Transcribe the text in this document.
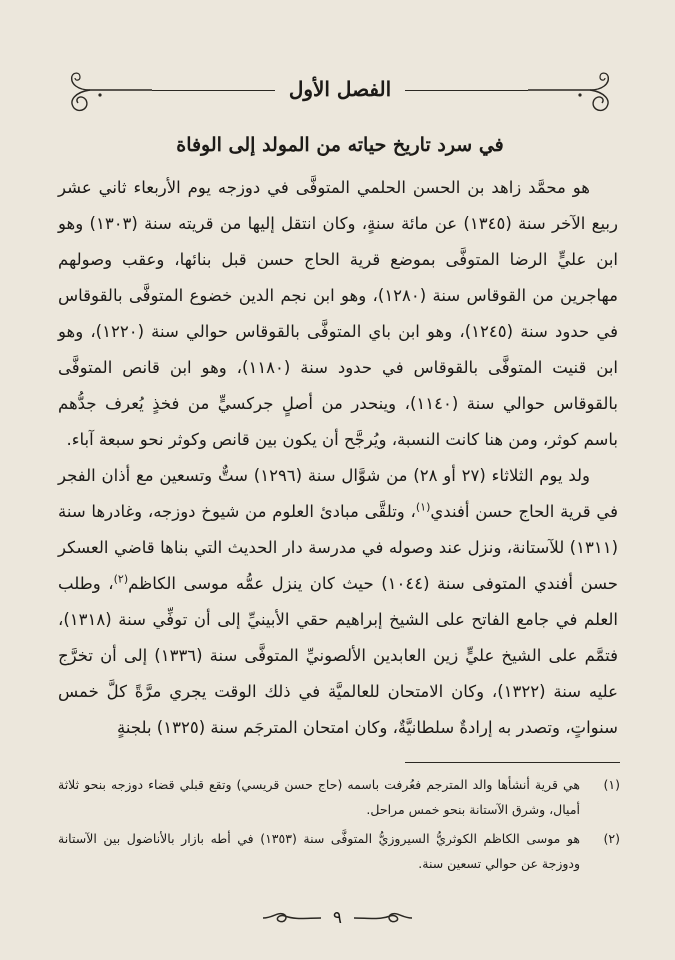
الفصل الأول
في سرد تاريخ حياته من المولد إلى الوفاة

هو محمَّد زاهد بن الحسن الحلمي المتوفَّى في دوزجه يوم الأربعاء ثاني عشر ربيع الآخر سنة (١٣٤٥) عن مائة سنةٍ، وكان انتقل إليها من قريته سنة (١٣٠٣) وهو ابن عليٍّ الرضا المتوفَّى بموضع قرية الحاج حسن قبل بنائها، وعقب وصولهم مهاجرين من القوقاس سنة (١٢٨٠)، وهو ابن نجم الدين خضوع المتوفَّى بالقوقاس في حدود سنة (١٢٤٥)، وهو ابن باي المتوفَّى بالقوقاس حوالي سنة (١٢٢٠)، وهو ابن قنيت المتوفَّى بالقوقاس في حدود سنة (١١٨٠)، وهو ابن قانص المتوفَّى بالقوقاس حوالي سنة (١١٤٠)، وينحدر من أصلٍ جركسيٍّ من فخذٍ يُعرف جدُّهم باسم كوثر، ومن هنا كانت النسبة، ويُرجَّح أن يكون بين قانص وكوثر نحو سبعة آباء.

ولد يوم الثلاثاء (٢٧ أو ٢٨) من شوَّال سنة (١٢٩٦) ستٌّ وتسعين مع أذان الفجر في قرية الحاج حسن أفندي$^{(١)}$، وتلقَّى مبادئ العلوم من شيوخ دوزجه، وغادرها سنة (١٣١١) للآستانة، ونزل عند وصوله في مدرسة دار الحديث التي بناها قاضي العسكر حسن أفندي المتوفى سنة (١٠٤٤) حيث كان ينزل عمُّه موسى الكاظم$^{(٢)}$، وطلب العلم في جامع الفاتح على الشيخ إبراهيم حقي الأبينيِّ إلى أن توفِّي سنة (١٣١٨)، فتمَّم على الشيخ عليٍّ زين العابدين الألصونيِّ المتوفَّى سنة (١٣٣٦) إلى أن تخرَّج عليه سنة (١٣٢٢)، وكان الامتحان للعالميَّة في ذلك الوقت يجري مرَّةً كلَّ خمس سنواتٍ، وتصدر به إرادةٌ سلطانيَّةٌ، وكان امتحان المترجَم سنة (١٣٢٥) بلجنةٍ

(١)
هي قرية أنشأها والد المترجم فعُرفت باسمه (حاج حسن قريسي) وتقع قبلي قضاء دوزجه بنحو ثلاثة أميال، وشرق الآستانة بنحو خمس مراحل.
(٢)
هو موسى الكاظم الكوثريُّ السيروزيُّ المتوفَّى سنة (١٣٥٣) في أطه بازار بالأناضول بين الآستانة ودوزجة عن حوالي تسعين سنة.
٩
